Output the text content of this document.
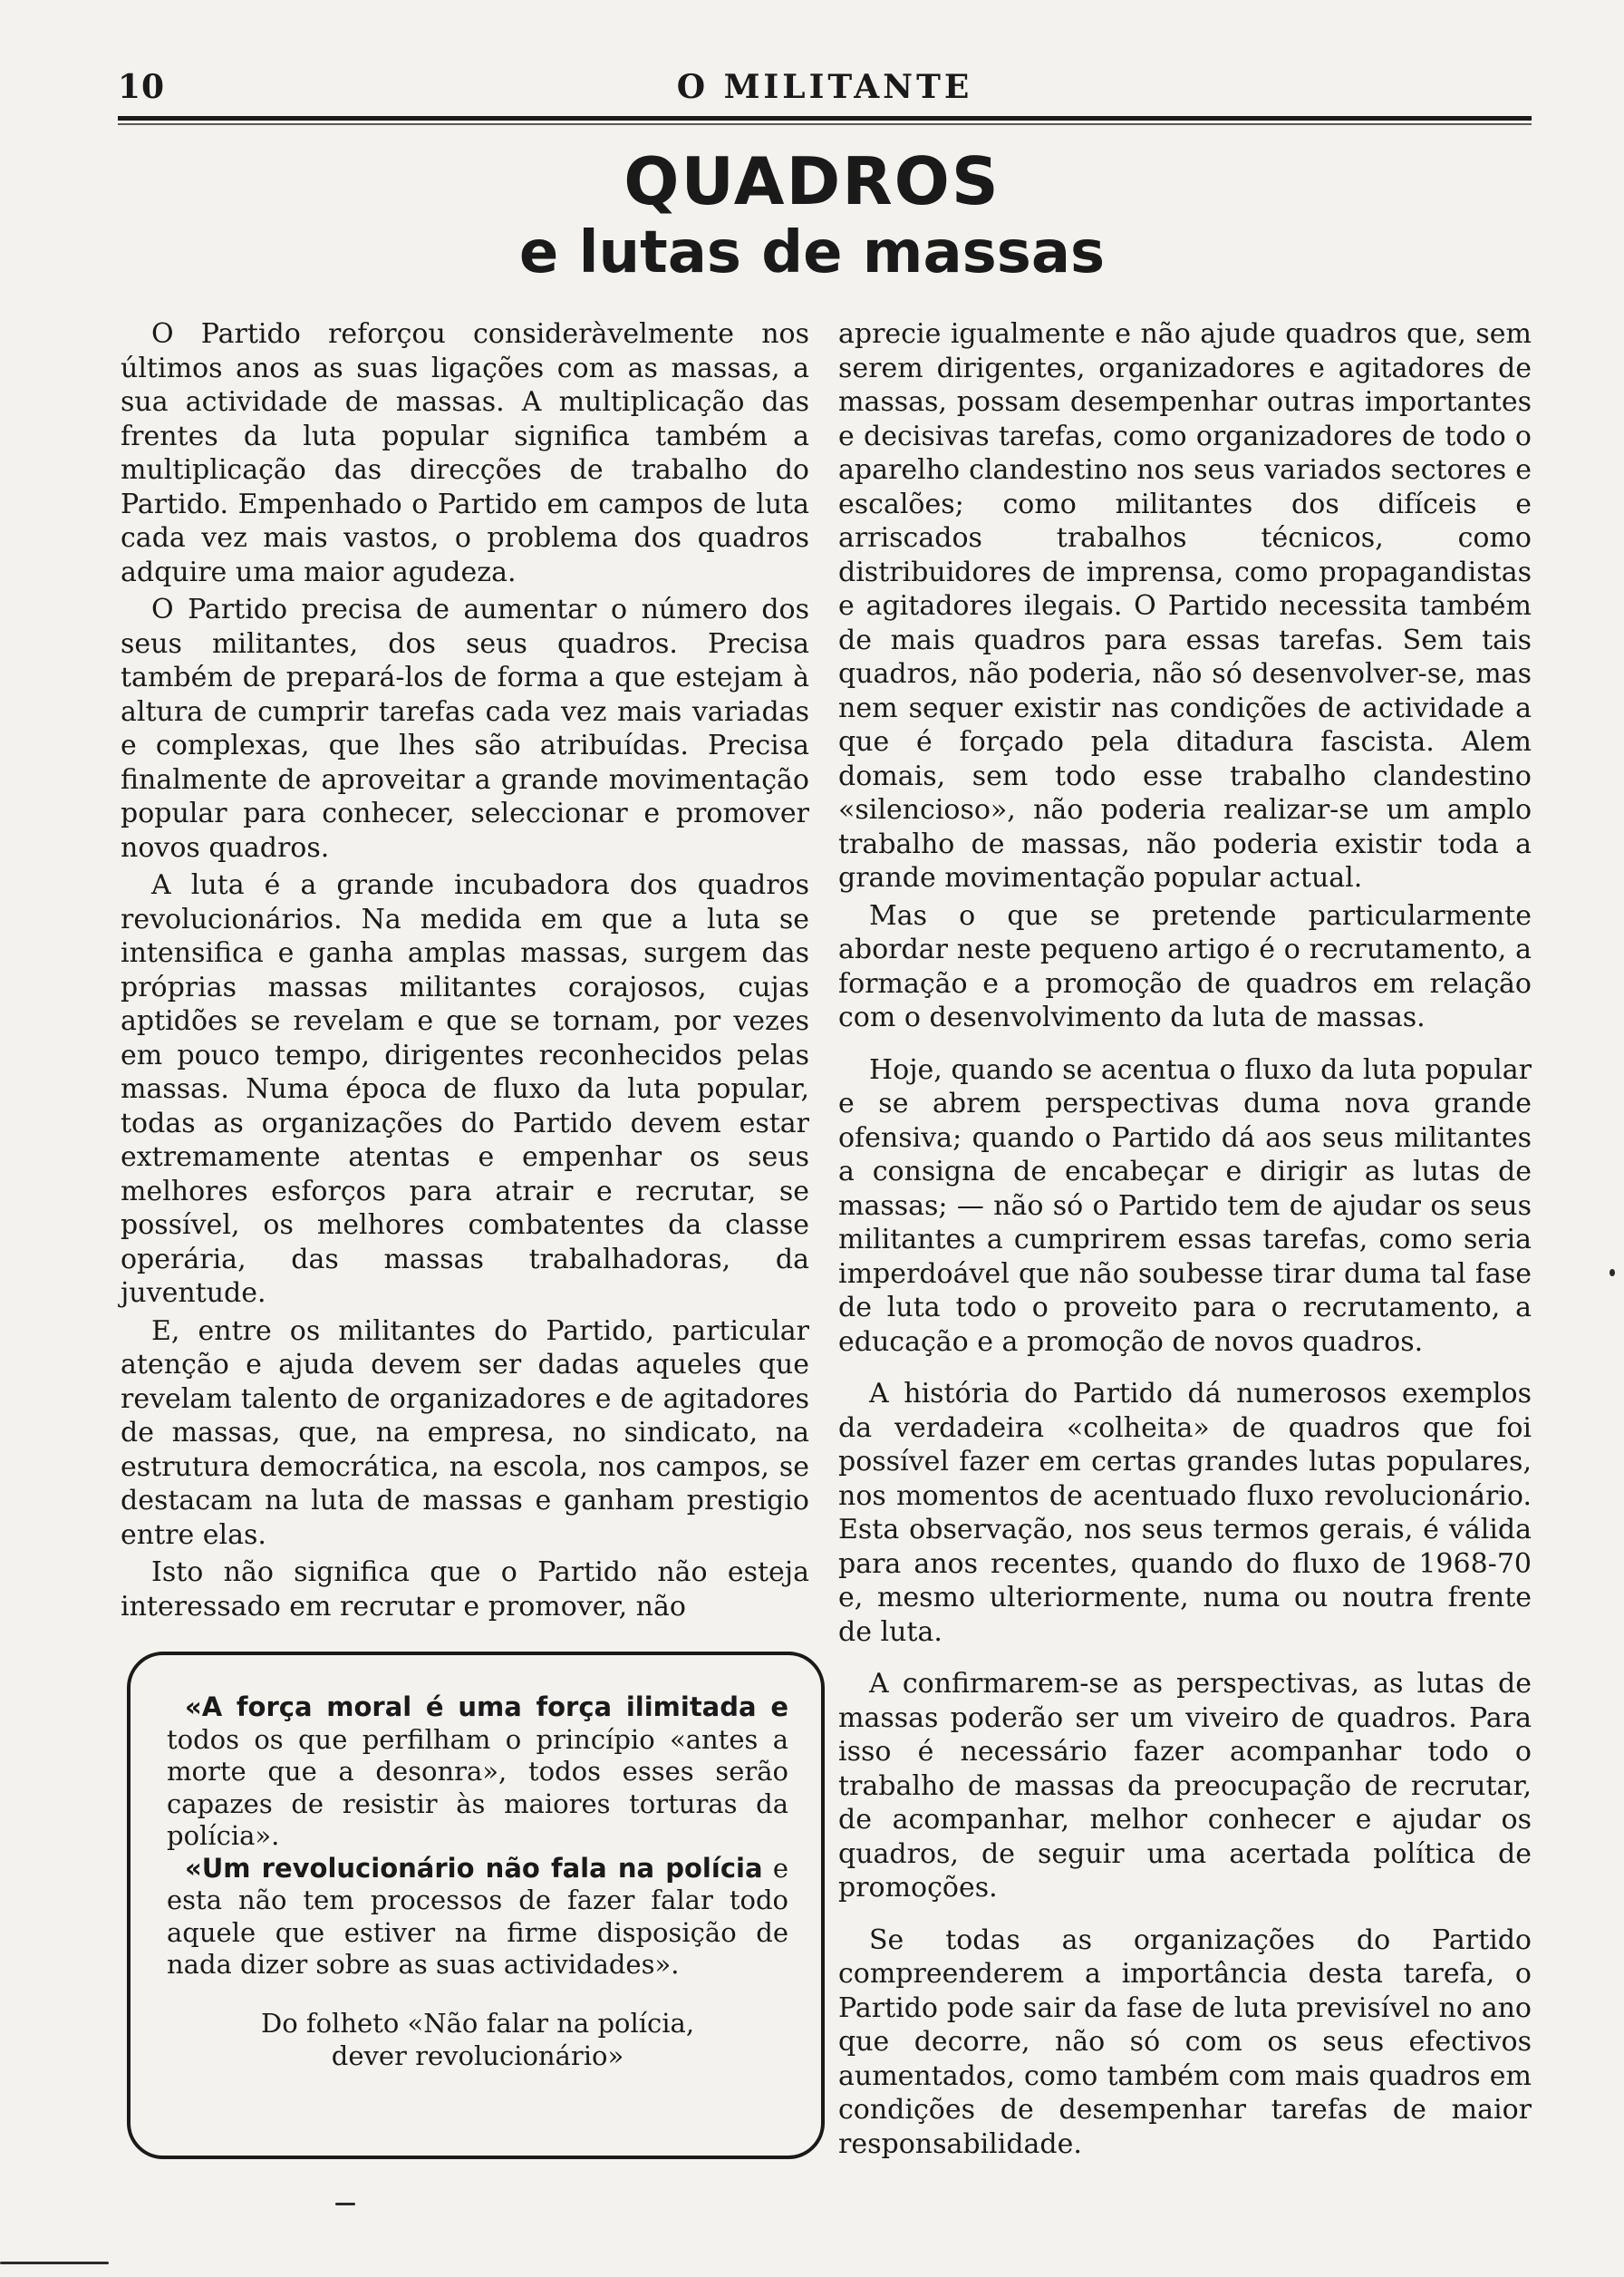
10	O MILITANTE
QUADROS
e lutas de massas

O Partido reforçou consideràvelmente nos últimos anos as suas ligações com as massas, a sua actividade de massas. A multiplicação das frentes da luta popular significa também a multiplicação das direcções de trabalho do Partido. Empenhado o Partido em campos de luta cada vez mais vastos, o problema dos quadros adquire uma maior agudeza.

O Partido precisa de aumentar o número dos seus militantes, dos seus quadros. Precisa também de prepará-los de forma a que estejam à altura de cumprir tarefas cada vez mais variadas e complexas, que lhes são atribuídas. Precisa finalmente de aproveitar a grande movimentação popular para conhecer, seleccionar e promover novos quadros.

A luta é a grande incubadora dos quadros revolucionários. Na medida em que a luta se intensifica e ganha amplas massas, surgem das próprias massas militantes corajosos, cujas aptidões se revelam e que se tornam, por vezes em pouco tempo, dirigentes reconhecidos pelas massas. Numa época de fluxo da luta popular, todas as organizações do Partido devem estar extremamente atentas e empenhar os seus melhores esforços para atrair e recrutar, se possível, os melhores combatentes da classe operária, das massas trabalhadoras, da juventude.

E, entre os militantes do Partido, particular atenção e ajuda devem ser dadas aqueles que revelam talento de organizadores e de agitadores de massas, que, na empresa, no sindicato, na estrutura democrática, na escola, nos campos, se destacam na luta de massas e ganham prestigio entre elas.

Isto não significa que o Partido não esteja interessado em recrutar e promover, não

«A força moral é uma força ilimitada e todos os que perfilham o princípio «antes a morte que a desonra», todos esses serão capazes de resistir às maiores torturas da polícia».

«Um revolucionário não fala na polícia e esta não tem processos de fazer falar todo aquele que estiver na firme disposição de nada dizer sobre as suas actividades».

Do folheto «Não falar na polícia,
dever revolucionário»

aprecie igualmente e não ajude quadros que, sem serem dirigentes, organizadores e agitadores de massas, possam desempenhar outras importantes e decisivas tarefas, como organizadores de todo o aparelho clandestino nos seus variados sectores e escalões; como militantes dos difíceis e arriscados trabalhos técnicos, como distribuidores de imprensa, como propagandistas e agitadores ilegais. O Partido necessita também de mais quadros para essas tarefas. Sem tais quadros, não poderia, não só desenvolver-se, mas nem sequer existir nas condições de actividade a que é forçado pela ditadura fascista. Alem domais, sem todo esse trabalho clandestino «silencioso», não poderia realizar-se um amplo trabalho de massas, não poderia existir toda a grande movimentação popular actual.

Mas o que se pretende particularmente abordar neste pequeno artigo é o recrutamento, a formação e a promoção de quadros em relação com o desenvolvimento da luta de massas.

Hoje, quando se acentua o fluxo da luta popular e se abrem perspectivas duma nova grande ofensiva; quando o Partido dá aos seus militantes a consigna de encabeçar e dirigir as lutas de massas; — não só o Partido tem de ajudar os seus militantes a cumprirem essas tarefas, como seria imperdoável que não soubesse tirar duma tal fase de luta todo o proveito para o recrutamento, a educação e a promoção de novos quadros.

A história do Partido dá numerosos exemplos da verdadeira «colheita» de quadros que foi possível fazer em certas grandes lutas populares, nos momentos de acentuado fluxo revolucionário. Esta observação, nos seus termos gerais, é válida para anos recentes, quando do fluxo de 1968-70 e, mesmo ulteriormente, numa ou noutra frente de luta.

A confirmarem-se as perspectivas, as lutas de massas poderão ser um viveiro de quadros. Para isso é necessário fazer acompanhar todo o trabalho de massas da preocupação de recrutar, de acompanhar, melhor conhecer e ajudar os quadros, de seguir uma acertada política de promoções.

Se todas as organizações do Partido compreenderem a importância desta tarefa, o Partido pode sair da fase de luta previsível no ano que decorre, não só com os seus efectivos aumentados, como também com mais quadros em condições de desempenhar tarefas de maior responsabilidade.
